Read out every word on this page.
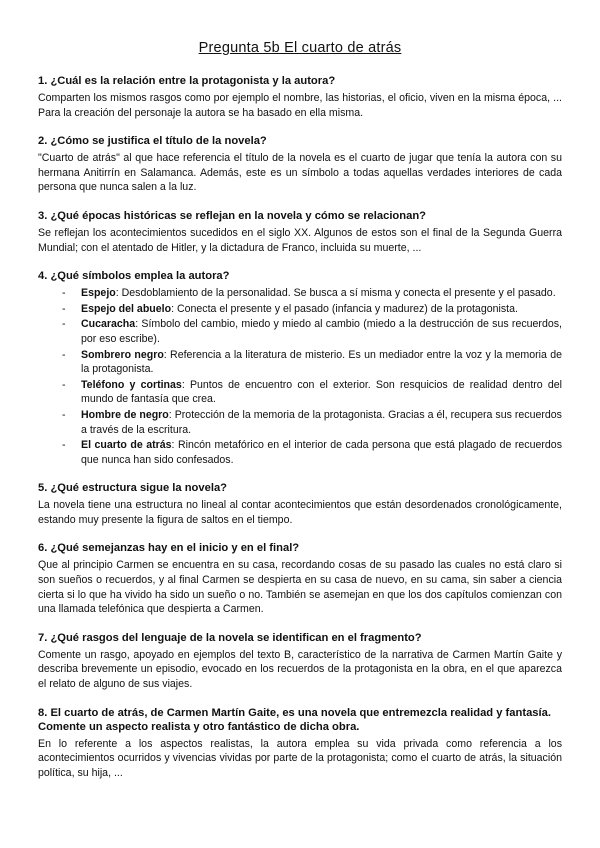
Pregunta 5b El cuarto de atrás
1. ¿Cuál es la relación entre la protagonista y la autora?

Comparten los mismos rasgos como por ejemplo el nombre, las historias, el oficio, viven en la misma época, ... Para la creación del personaje la autora se ha basado en ella misma.

2. ¿Cómo se justifica el título de la novela?

"Cuarto de atrás" al que hace referencia el título de la novela es el cuarto de jugar que tenía la autora con su hermana Anitirrín en Salamanca. Además, este es un símbolo a todas aquellas verdades interiores de cada persona que nunca salen a la luz.

3. ¿Qué épocas históricas se reflejan en la novela y cómo se relacionan?

Se reflejan los acontecimientos sucedidos en el siglo XX. Algunos de estos son el final de la Segunda Guerra Mundial; con el atentado de Hitler, y la dictadura de Franco, incluida su muerte, ...

4. ¿Qué símbolos emplea la autora?
- Espejo: Desdoblamiento de la personalidad. Se busca a sí misma y conecta el presente y el pasado.
- Espejo del abuelo: Conecta el presente y el pasado (infancia y madurez) de la protagonista.
- Cucaracha: Símbolo del cambio, miedo y miedo al cambio (miedo a la destrucción de sus recuerdos, por eso escribe).
- Sombrero negro: Referencia a la literatura de misterio. Es un mediador entre la voz y la memoria de la protagonista.
- Teléfono y cortinas: Puntos de encuentro con el exterior. Son resquicios de realidad dentro del mundo de fantasía que crea.
- Hombre de negro: Protección de la memoria de la protagonista. Gracias a él, recupera sus recuerdos a través de la escritura.
- El cuarto de atrás: Rincón metafórico en el interior de cada persona que está plagado de recuerdos que nunca han sido confesados.
5. ¿Qué estructura sigue la novela?

La novela tiene una estructura no lineal al contar acontecimientos que están desordenados cronológicamente, estando muy presente la figura de saltos en el tiempo.

6. ¿Qué semejanzas hay en el inicio y en el final?

Que al principio Carmen se encuentra en su casa, recordando cosas de su pasado las cuales no está claro si son sueños o recuerdos, y al final Carmen se despierta en su casa de nuevo, en su cama, sin saber a ciencia cierta si lo que ha vivido ha sido un sueño o no. También se asemejan en que los dos capítulos comienzan con una llamada telefónica que despierta a Carmen.

7. ¿Qué rasgos del lenguaje de la novela se identifican en el fragmento?

Comente un rasgo, apoyado en ejemplos del texto B, característico de la narrativa de Carmen Martín Gaite y describa brevemente un episodio, evocado en los recuerdos de la protagonista en la obra, en el que aparezca el relato de alguno de sus viajes.

8. El cuarto de atrás, de Carmen Martín Gaite, es una novela que entremezcla realidad y fantasía. Comente un aspecto realista y otro fantástico de dicha obra.

En lo referente a los aspectos realistas, la autora emplea su vida privada como referencia a los acontecimientos ocurridos y vivencias vividas por parte de la protagonista; como el cuarto de atrás, la situación política, su hija, ...
